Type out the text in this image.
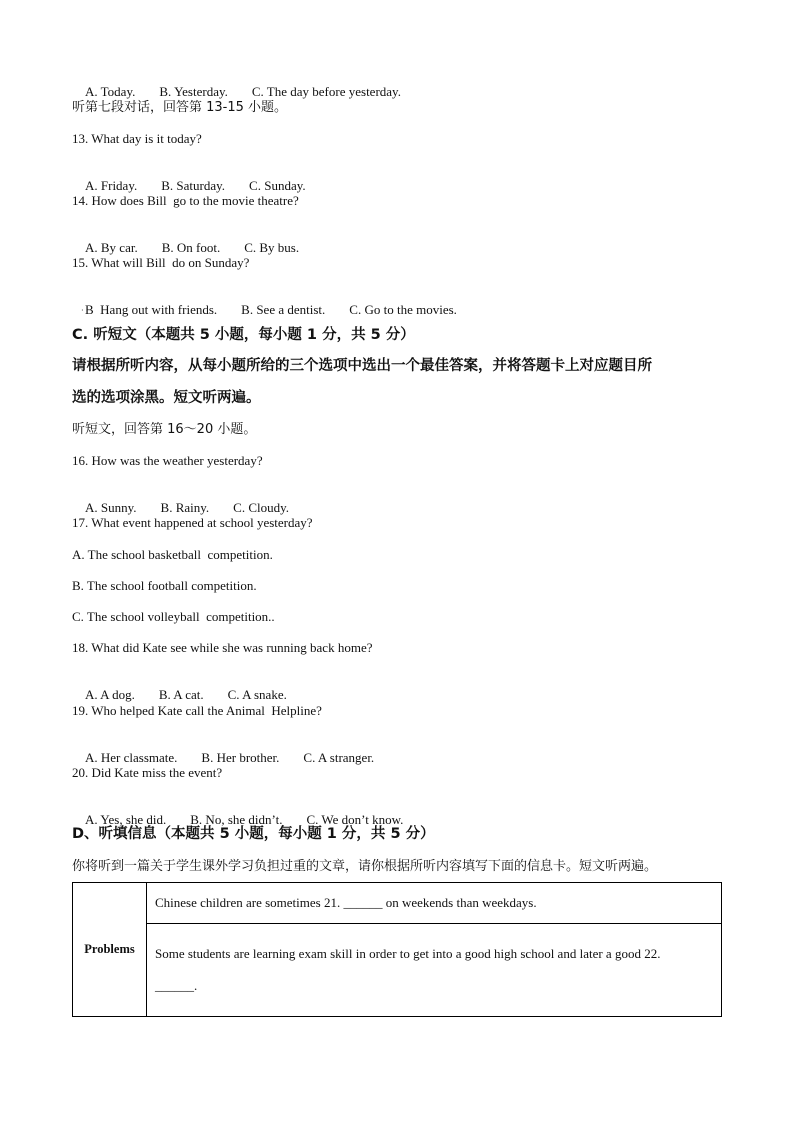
A. Today. B. Yesterday. C. The day before yesterday.

听第七段对话，回答第 13-15 小题。
13. What day is it today?

A. Friday. B. Saturday. C. Sunday.

14. How does Bill  go to the movie theatre?

A. By car. B. On foot. C. By bus.

15. What will Bill  do on Sunday?

B  Hang out with friends. B. See a dentist. C. Go to the movies.

·
C. 听短文（本题共 5 小题，每小题 1 分，共 5 分）
请根据所听内容，从每小题所给的三个选项中选出一个最佳答案，并将答题卡上对应题目所
选的选项涂黑。短文听两遍。
听短文，回答第 16～20 小题。
16. How was the weather yesterday?

A. Sunny. B. Rainy. C. Cloudy.

17. What event happened at school yesterday?
A. The school basketball  competition.
B. The school football competition.
C. The school volleyball  competition..
18. What did Kate see while she was running back home?

A. A dog. B. A cat. C. A snake.

19. Who helped Kate call the Animal  Helpline?

A. Her classmate. B. Her brother. C. A stranger.

20. Did Kate miss the event?

A. Yes, she did. B. No, she didn’t. C. We don’t know.

D、听填信息（本题共 5 小题，每小题 1 分，共 5 分）
你将听到一篇关于学生课外学习负担过重的文章，请你根据所听内容填写下面的信息卡。短文听两遍。
Problems	Chinese children are sometimes 21. ______ on weekends than weekdays.

Some students are learning exam skill in order to get into a good high school and later a good 22.
______.
